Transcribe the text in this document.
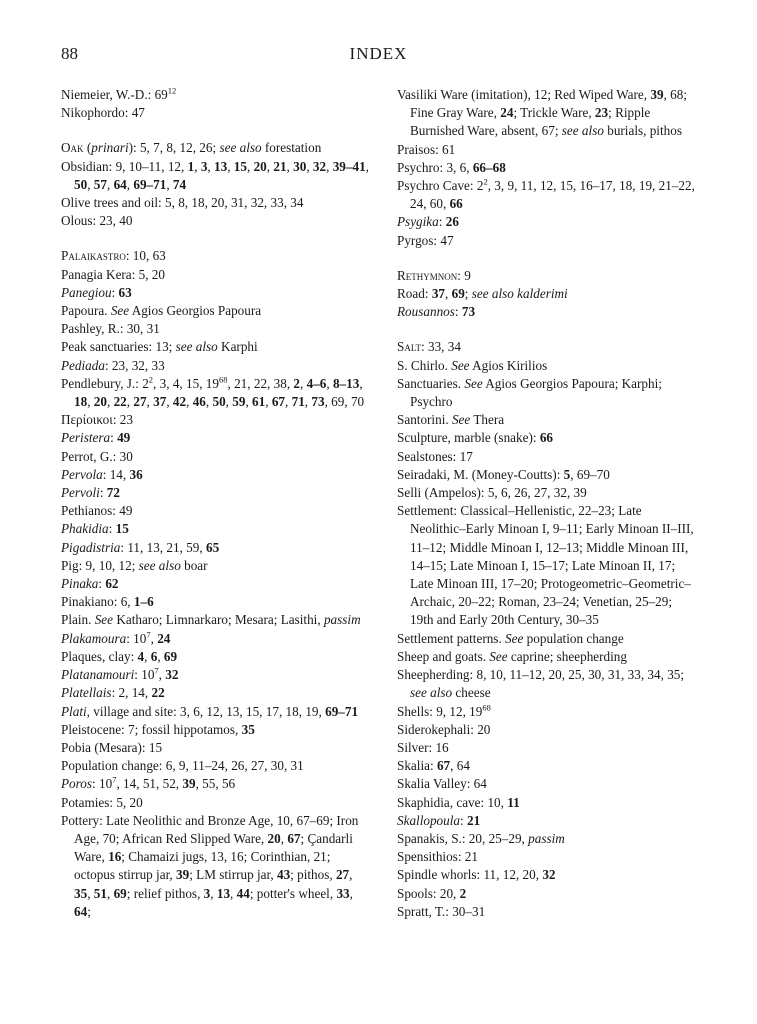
88	INDEX

Niemeier, W.-D.: $69^{12}$

Nikophordo: 47

Oak (prinari): 5, 7, 8, 12, 26; see also forestation

Obsidian: 9, 10–11, 12, 1, 3, 13, 15, 20, 21, 30, 32, 39–41, 50, 57, 64, 69–71, 74

Olive trees and oil: 5, 8, 18, 20, 31, 32, 33, 34

Olous: 23, 40

Palaikastro: 10, 63

Panagia Kera: 5, 20

Panegiou: 63

Papoura. See Agios Georgios Papoura

Pashley, R.: 30, 31

Peak sanctuaries: 13; see also Karphi

Pediada: 23, 32, 33

Pendlebury, J.: $2^2$, 3, 4, 15, $19^{68}$, 21, 22, 38, 2, 4–6, 8–13, 18, 20, 22, 27, 37, 42, 46, 50, 59, 61, 67, 71, 73, 69, 70

Περίοικοι: 23

Peristera: 49

Perrot, G.: 30

Pervola: 14, 36

Pervoli: 72

Pethianos: 49

Phakidia: 15

Pigadistria: 11, 13, 21, 59, 65

Pig: 9, 10, 12; see also boar

Pinaka: 62

Pinakiano: 6, 1–6

Plain. See Katharo; Limnarkaro; Mesara; Lasithi, passim

Plakamoura: $10^7$, 24

Plaques, clay: 4, 6, 69

Platanamouri: $10^7$, 32

Platellais: 2, 14, 22

Plati, village and site: 3, 6, 12, 13, 15, 17, 18, 19, 69–71

Pleistocene: 7; fossil hippotamos, 35

Pobia (Mesara): 15

Population change: 6, 9, 11–24, 26, 27, 30, 31

Poros: $10^7$, 14, 51, 52, 39, 55, 56

Potamies: 5, 20

Pottery: Late Neolithic and Bronze Age, 10, 67–69; Iron Age, 70; African Red Slipped Ware, 20, 67; Çandarli Ware, 16; Chamaizi jugs, 13, 16; Corinthian, 21; octopus stirrup jar, 39; LM stirrup jar, 43; pithos, 27, 35, 51, 69; relief pithos, 3, 13, 44; potter's wheel, 33, 64;

Vasiliki Ware (imitation), 12; Red Wiped Ware, 39, 68; Fine Gray Ware, 24; Trickle Ware, 23; Ripple Burnished Ware, absent, 67; see also burials, pithos

Praisos: 61

Psychro: 3, 6, 66–68

Psychro Cave: $2^2$, 3, 9, 11, 12, 15, 16–17, 18, 19, 21–22, 24, 60, 66

Psygika: 26

Pyrgos: 47

Rethymnon: 9

Road: 37, 69; see also kalderimi

Rousannos: 73

Salt: 33, 34

S. Chirlo. See Agios Kirilios

Sanctuaries. See Agios Georgios Papoura; Karphi; Psychro

Santorini. See Thera

Sculpture, marble (snake): 66

Sealstones: 17

Seiradaki, M. (Money-Coutts): 5, 69–70

Selli (Ampelos): 5, 6, 26, 27, 32, 39

Settlement: Classical–Hellenistic, 22–23; Late Neolithic–Early Minoan I, 9–11; Early Minoan II–III, 11–12; Middle Minoan I, 12–13; Middle Minoan III, 14–15; Late Minoan I, 15–17; Late Minoan II, 17; Late Minoan III, 17–20; Protogeometric–Geometric–Archaic, 20–22; Roman, 23–24; Venetian, 25–29; 19th and Early 20th Century, 30–35

Settlement patterns. See population change

Sheep and goats. See caprine; sheepherding

Sheepherding: 8, 10, 11–12, 20, 25, 30, 31, 33, 34, 35; see also cheese

Shells: 9, 12, $19^{68}$

Siderokephali: 20

Silver: 16

Skalia: 67, 64

Skalia Valley: 64

Skaphidia, cave: 10, 11

Skallopoula: 21

Spanakis, S.: 20, 25–29, passim

Spensithios: 21

Spindle whorls: 11, 12, 20, 32

Spools: 20, 2

Spratt, T.: 30–31
